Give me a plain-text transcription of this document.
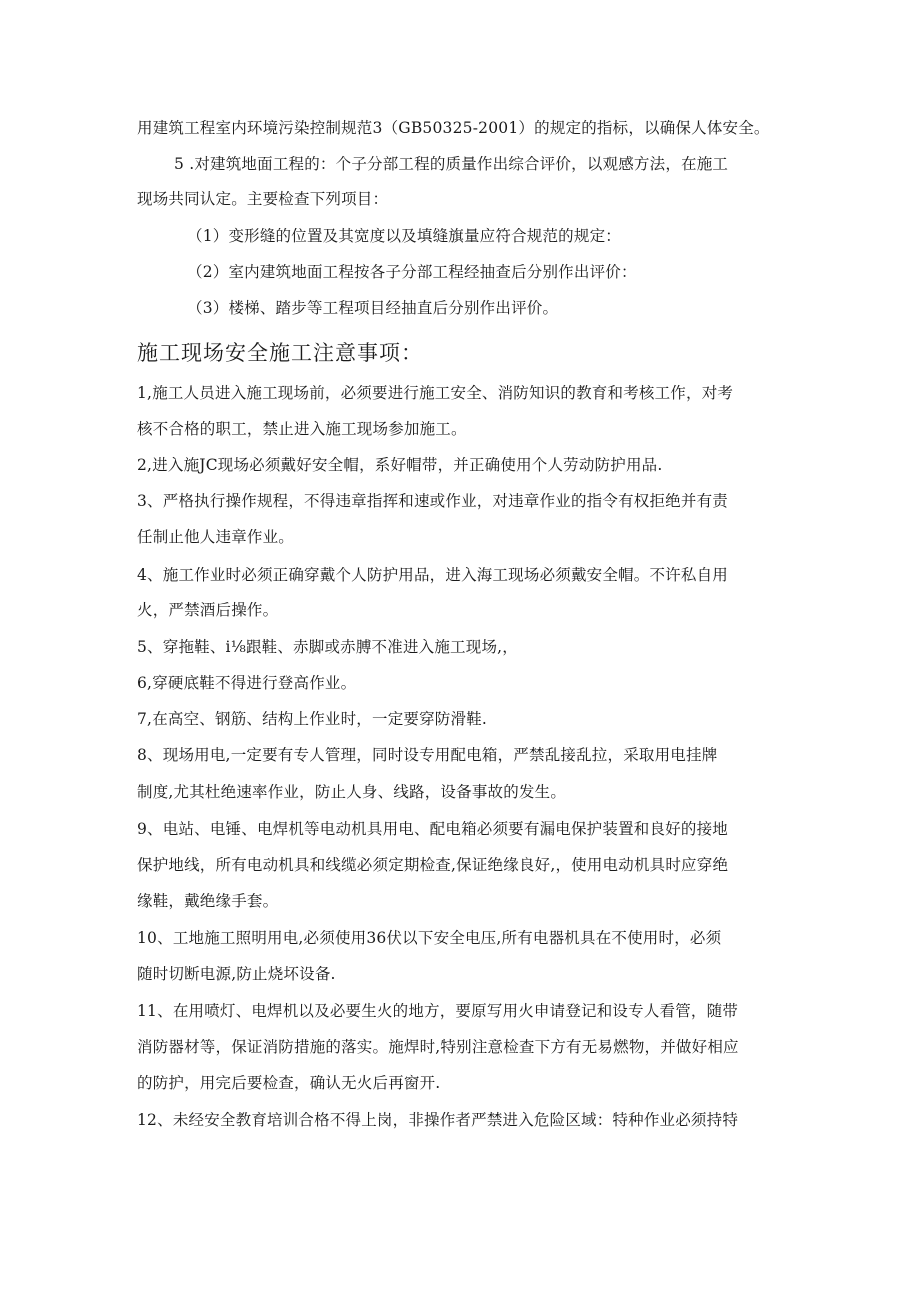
用建筑工程室内环境污染控制规范3（GB50325-2001）的规定的指标，以确保人体安全。
5 .对建筑地面工程的：个子分部工程的质量作出综合评价，以观感方法，在施工
现场共同认定。主要检查下列项目：
（1）变形缝的位置及其宽度以及填缝旗量应符合规范的规定：
（2）室内建筑地面工程按各子分部工程经抽查后分别作出评价：
（3）楼梯、踏步等工程项目经抽直后分别作出评价。
施工现场安全施工注意事项：
1,施工人员进入施工现场前，必须要进行施工安全、消防知识的教育和考核工作，对考
核不合格的职工，禁止进入施工现场参加施工。
2,进入施JC现场必须戴好安全帽，系好帽带，并正确使用个人劳动防护用品.
3、严格执行操作规程，不得违章指挥和速或作业，对违章作业的指令有权拒绝并有责
任制止他人违章作业。
4、施工作业时必须正确穿戴个人防护用品，进入海工现场必须戴安全帽。不许私自用
火，严禁酒后操作。
5、穿拖鞋、i⅛跟鞋、赤脚或赤膊不准进入施工现场,，
6,穿硬底鞋不得进行登高作业。
7,在高空、钢筋、结构上作业时，一定要穿防滑鞋.
8、现场用电,一定要有专人管理，同时设专用配电箱，严禁乱接乱拉，采取用电挂牌
制度,尤其杜绝速率作业，防止人身、线路，设备事故的发生。
9、电站、电锤、电焊机等电动机具用电、配电箱必须要有漏电保护装置和良好的接地
保护地线，所有电动机具和线缆必须定期检查,保证绝缘良好,，使用电动机具时应穿绝
缘鞋，戴绝缘手套。
10、工地施工照明用电,必须使用36伏以下安全电压,所有电器机具在不使用时，必须
随时切断电源,防止烧坏设备.
11、在用喷灯、电焊机以及必要生火的地方，要原写用火申请登记和设专人看管，随带
消防器材等，保证消防措施的落实。施焊时,特别注意检查下方有无易燃物，并做好相应
的防护，用完后要检查，确认无火后再窗开.
12、未经安全教育培训合格不得上岗，非操作者严禁进入危险区域：特种作业必须持特
